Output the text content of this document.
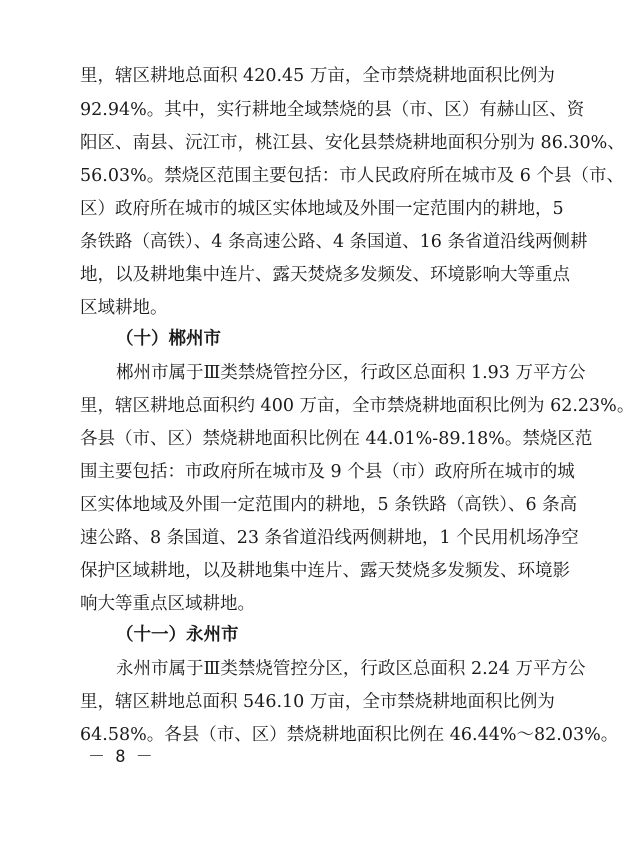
里，辖区耕地总面积 420.45 万亩，全市禁烧耕地面积比例为
92.94%。其中，实行耕地全域禁烧的县（市、区）有赫山区、资
阳区、南县、沅江市，桃江县、安化县禁烧耕地面积分别为 86.30%、
56.03%。禁烧区范围主要包括：市人民政府所在城市及 6 个县（市、
区）政府所在城市的城区实体地域及外围一定范围内的耕地，5
条铁路（高铁）、4 条高速公路、4 条国道、16 条省道沿线两侧耕
地，以及耕地集中连片、露天焚烧多发频发、环境影响大等重点
区域耕地。
（十）郴州市
郴州市属于Ⅲ类禁烧管控分区，行政区总面积 1.93 万平方公
里，辖区耕地总面积约 400 万亩，全市禁烧耕地面积比例为 62.23%。
各县（市、区）禁烧耕地面积比例在 44.01%-89.18%。禁烧区范
围主要包括：市政府所在城市及 9 个县（市）政府所在城市的城
区实体地域及外围一定范围内的耕地，5 条铁路（高铁）、6 条高
速公路、8 条国道、23 条省道沿线两侧耕地，1 个民用机场净空
保护区域耕地，以及耕地集中连片、露天焚烧多发频发、环境影
响大等重点区域耕地。
（十一）永州市
永州市属于Ⅲ类禁烧管控分区，行政区总面积 2.24 万平方公
里，辖区耕地总面积 546.10 万亩，全市禁烧耕地面积比例为
64.58%。各县（市、区）禁烧耕地面积比例在 46.44%～82.03%。
－ 8 －
